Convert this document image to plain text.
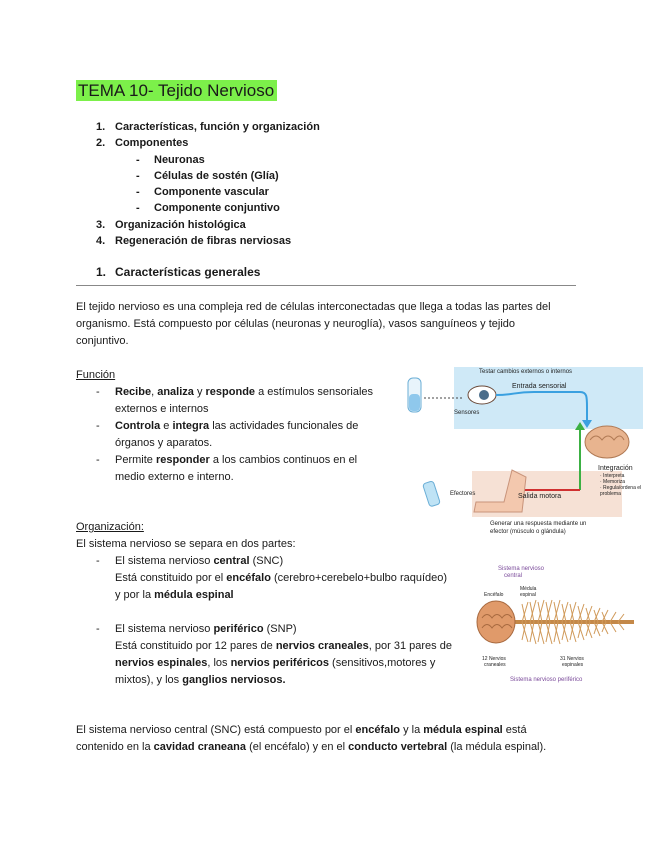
TEMA 10- Tejido Nervioso
1. Características, función y organización
2. Componentes
-	Neuronas
-	Células de sostén (Glía)
-	Componente vascular
-	Componente conjuntivo
3. Organización histológica
4. Regeneración de fibras nerviosas
1. Características generales
El tejido nervioso es una compleja red de células interconectadas que llega a todas las partes del
organismo. Está compuesto por células (neuronas y neuroglía), vasos sanguíneos y tejido
conjuntivo.
Función
-	Recibe, analiza y responde a estímulos sensoriales
externos e internos
-	Controla e integra las actividades funcionales de
órganos y aparatos.
-	Permite responder a los cambios continuos en el
medio externo e interno.
Testar cambios externos o internos
Entrada sensorial
Sensores
Integración
· Interpreta
· Memoriza
· Regula/ordena el
problema
Efectores	Salida motora
Generar una respuesta mediante un
efector (músculo o glándula)
Organización:
El sistema nervioso se separa en dos partes:
-	El sistema nervioso central (SNC)
Está constituido por el encéfalo (cerebro+cerebelo+bulbo raquídeo)
y por la médula espinal
-	El sistema nervioso periférico (SNP)
Está constituido por 12 pares de nervios craneales, por 31 pares de
nervios espinales, los nervios periféricos (sensitivos,motores y
mixtos), y los ganglios nerviosos.
Sistema nervioso
central
Encéfalo
Médula
espinal
12 Nervios
craneales
31 Nervios
espinales
Sistema nervioso periférico
El sistema nervioso central (SNC) está compuesto por el encéfalo y la médula espinal está
contenido en la cavidad craneana (el encéfalo) y en el conducto vertebral (la médula espinal).
